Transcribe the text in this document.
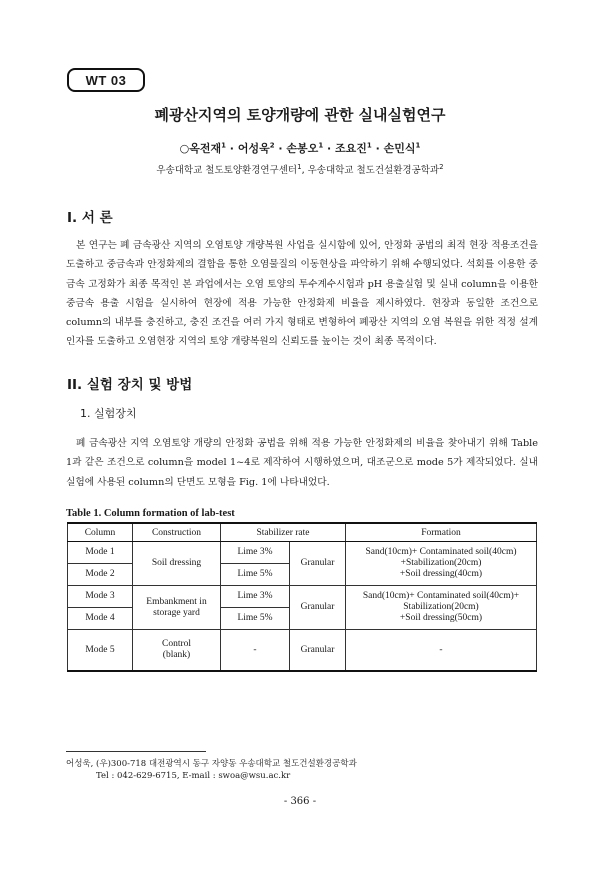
WT 03
폐광산지역의 토양개량에 관한 실내실험연구
○옥전재$^1$ · 어성욱$^2$ · 손봉오$^1$ · 조요진$^1$ · 손민식$^1$
우송대학교 철도토양환경연구센터$^1$, 우송대학교 철도건설환경공학과$^2$
I. 서 론
본 연구는 폐 금속광산 지역의 오염토양 개량복원 사업을 실시함에 있어, 안정화 공법의 최적 현장 적용조건을 도출하고 중금속과 안정화제의 결합을 통한 오염물질의 이동현상을 파악하기 위해 수행되었다. 석회를 이용한 중금속 고정화가 최종 목적인 본 과업에서는 오염 토양의 투수계수시험과 pH 용출실험 및 실내 column을 이용한 중금속 용출 시험을 실시하여 현장에 적용 가능한 안정화제 비율을 제시하였다. 현장과 동일한 조건으로 column의 내부를 충진하고, 충진 조건을 여러 가지 형태로 변형하여 폐광산 지역의 오염 복원을 위한 적정 설계 인자를 도출하고 오염현장 지역의 토양 개량복원의 신뢰도를 높이는 것이 최종 목적이다.
II. 실험 장치 및 방법
1. 실험장치
폐 금속광산 지역 오염토양 개량의 안정화 공법을 위해 적용 가능한 안정화제의 비율을 찾아내기 위해 Table 1과 같은 조건으로 column을 model 1~4로 제작하여 시행하였으며, 대조군으로 mode 5가 제작되었다. 실내 실험에 사용된 column의 단면도 모형을 Fig. 1에 나타내었다.
Table 1. Column formation of lab-test
Column	Construction	Stabilizer rate		Formation
Mode 1	Soil dressing	Lime 3%	Granular	Sand(10cm)+ Contaminated soil(40cm)
+Stabilization(20cm)
+Soil dressing(40cm)

Mode 2		Lime 5%		
Mode 3	Embankment in storage yard	Lime 3%	Granular	Sand(10cm)+ Contaminated soil(40cm)+
Stabilization(20cm)
+Soil dressing(50cm)

Mode 4		Lime 5%		
Mode 5	Control (blank)	-	Granular	-
어성욱, (우)300-718 대전광역시 동구 자양동 우송대학교 철도건설환경공학과
Tel : 042-629-6715, E-mail : swoa@wsu.ac.kr
- 366 -
